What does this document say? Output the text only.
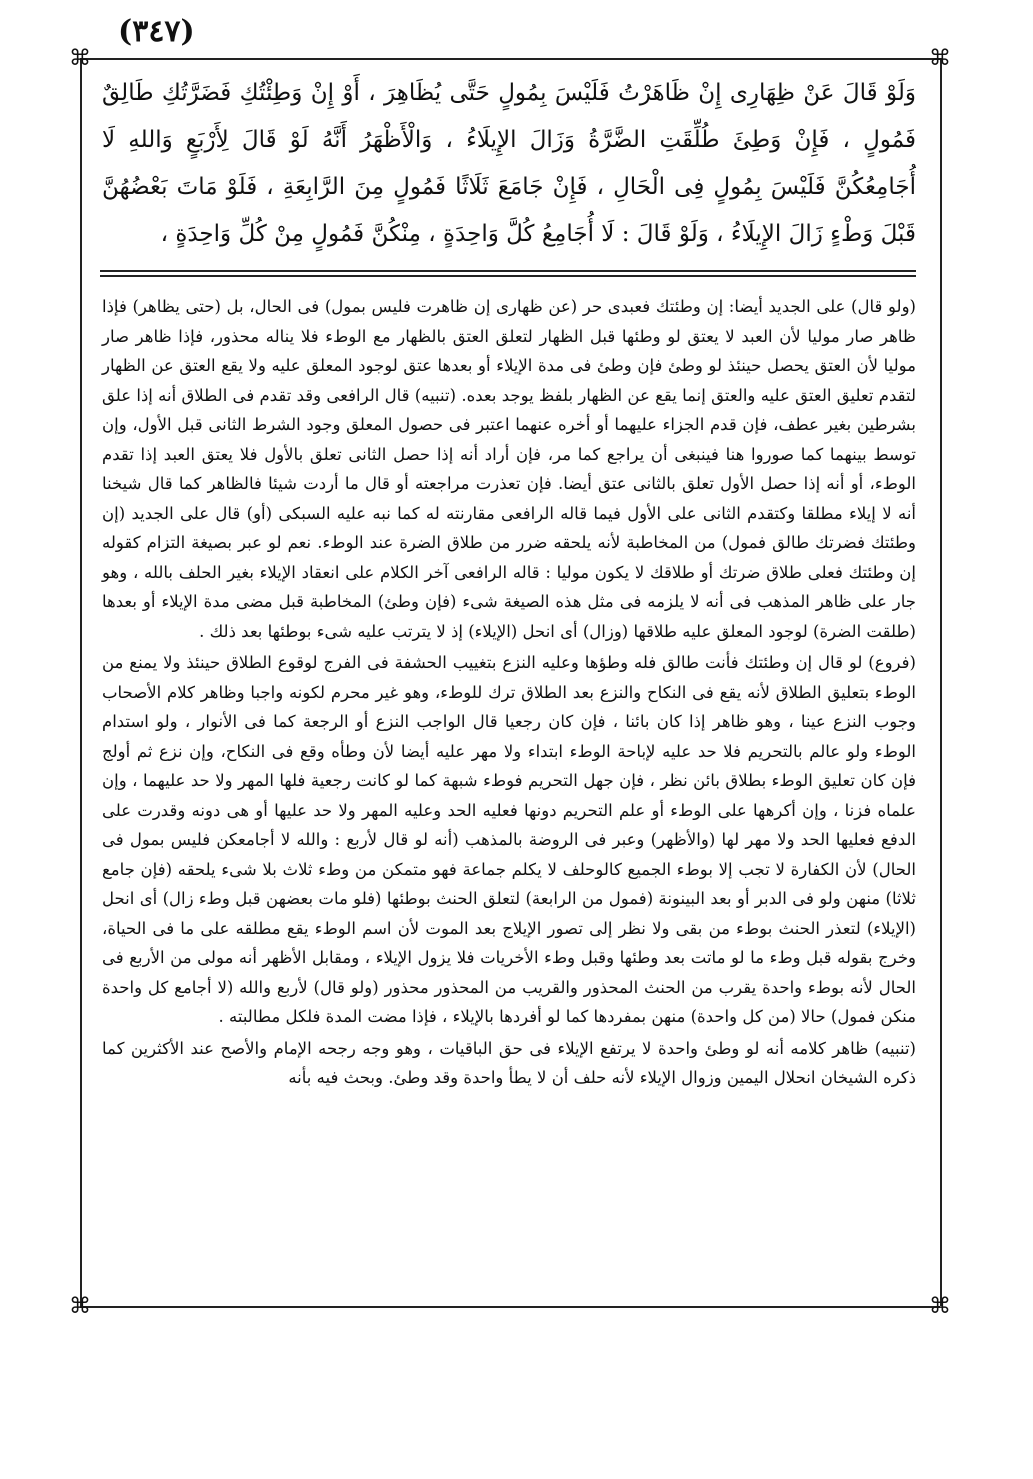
(٣٤٧)
⌘	⌘
⌘	⌘

وَلَوْ قَالَ عَنْ ظِهَارِى إِنْ ظَاهَرْتُ فَلَيْسَ بِمُولٍ حَتَّى يُظَاهِرَ ، أَوْ إِنْ وَطِئْتُكِ فَضَرَّتُكِ طَالِقٌ فَمُولٍ ، فَإِنْ وَطِئَ طُلِّقَتِ الضَّرَّةُ وَزَالَ الإِيلَاءُ ، وَالْأَظْهَرُ أَنَّهُ لَوْ قَالَ لِأَرْبَعٍ وَاللهِ لَا أُجَامِعُكُنَّ فَلَيْسَ بِمُولٍ فِى الْحَالِ ، فَإِنْ جَامَعَ ثَلَاثًا فَمُولٍ مِنَ الرَّابِعَةِ ، فَلَوْ مَاتَ بَعْضُهُنَّ قَبْلَ وَطْءٍ زَالَ الإِيلَاءُ ، وَلَوْ قَالَ : لَا أُجَامِعُ كُلَّ وَاحِدَةٍ ، مِنْكُنَّ فَمُولٍ مِنْ كُلِّ وَاحِدَةٍ ،

(ولو قال) على الجديد أيضا: إن وطئتك فعبدى حر (عن ظهارى إن ظاهرت فليس بمول) فى الحال، بل (حتى يظاهر) فإذا ظاهر صار موليا لأن العبد لا يعتق لو وطئها قبل الظهار لتعلق العتق بالظهار مع الوطء فلا يناله محذور، فإذا ظاهر صار موليا لأن العتق يحصل حينئذ لو وطئ فإن وطئ فى مدة الإيلاء أو بعدها عتق لوجود المعلق عليه ولا يقع العتق عن الظهار لتقدم تعليق العتق عليه والعتق إنما يقع عن الظهار بلفظ يوجد بعده. (تنبيه) قال الرافعى وقد تقدم فى الطلاق أنه إذا علق بشرطين بغير عطف، فإن قدم الجزاء عليهما أو أخره عنهما اعتبر فى حصول المعلق وجود الشرط الثانى قبل الأول، وإن توسط بينهما كما صوروا هنا فينبغى أن يراجع كما مر، فإن أراد أنه إذا حصل الثانى تعلق بالأول فلا يعتق العبد إذا تقدم الوطء، أو أنه إذا حصل الأول تعلق بالثانى عتق أيضا. فإن تعذرت مراجعته أو قال ما أردت شيئا فالظاهر كما قال شيخنا أنه لا إيلاء مطلقا وكتقدم الثانى على الأول فيما قاله الرافعى مقارنته له كما نبه عليه السبكى (أو) قال على الجديد (إن وطئتك فضرتك طالق فمول) من المخاطبة لأنه يلحقه ضرر من طلاق الضرة عند الوطء. نعم لو عبر بصيغة التزام كقوله إن وطئتك فعلى طلاق ضرتك أو طلاقك لا يكون موليا : قاله الرافعى آخر الكلام على انعقاد الإيلاء بغير الحلف بالله ، وهو جار على ظاهر المذهب فى أنه لا يلزمه فى مثل هذه الصيغة شىء (فإن وطئ) المخاطبة قبل مضى مدة الإيلاء أو بعدها (طلقت الضرة) لوجود المعلق عليه طلاقها (وزال) أى انحل (الإيلاء) إذ لا يترتب عليه شىء بوطئها بعد ذلك .

(فروع) لو قال إن وطئتك فأنت طالق فله وطؤها وعليه النزع بتغييب الحشفة فى الفرج لوقوع الطلاق حينئذ ولا يمنع من الوطء بتعليق الطلاق لأنه يقع فى النكاح والنزع بعد الطلاق ترك للوطء، وهو غير محرم لكونه واجبا وظاهر كلام الأصحاب وجوب النزع عينا ، وهو ظاهر إذا كان بائنا ، فإن كان رجعيا قال الواجب النزع أو الرجعة كما فى الأنوار ، ولو استدام الوطء ولو عالم بالتحريم فلا حد عليه لإباحة الوطء ابتداء ولا مهر عليه أيضا لأن وطأه وقع فى النكاح، وإن نزع ثم أولج فإن كان تعليق الوطء بطلاق بائن نظر ، فإن جهل التحريم فوطء شبهة كما لو كانت رجعية فلها المهر ولا حد عليهما ، وإن علماه فزنا ، وإن أكرهها على الوطء أو علم التحريم دونها فعليه الحد وعليه المهر ولا حد عليها أو هى دونه وقدرت على الدفع فعليها الحد ولا مهر لها (والأظهر) وعبر فى الروضة بالمذهب (أنه لو قال لأربع : والله لا أجامعكن فليس بمول فى الحال) لأن الكفارة لا تجب إلا بوطء الجميع كالوحلف لا يكلم جماعة فهو متمكن من وطء ثلاث بلا شىء يلحقه (فإن جامع ثلاثا) منهن ولو فى الدبر أو بعد البينونة (فمول من الرابعة) لتعلق الحنث بوطئها (فلو مات بعضهن قبل وطء زال) أى انحل (الإيلاء) لتعذر الحنث بوطء من بقى ولا نظر إلى تصور الإيلاج بعد الموت لأن اسم الوطء يقع مطلقه على ما فى الحياة، وخرج بقوله قبل وطء ما لو ماتت بعد وطئها وقبل وطء الأخريات فلا يزول الإيلاء ، ومقابل الأظهر أنه مولى من الأربع فى الحال لأنه بوطء واحدة يقرب من الحنث المحذور والقريب من المحذور محذور (ولو قال) لأربع والله (لا أجامع كل واحدة منكن فمول) حالا (من كل واحدة) منهن بمفردها كما لو أفردها بالإيلاء ، فإذا مضت المدة فلكل مطالبته .

(تنبيه) ظاهر كلامه أنه لو وطئ واحدة لا يرتفع الإيلاء فى حق الباقيات ، وهو وجه رجحه الإمام والأصح عند الأكثرين كما ذكره الشيخان انحلال اليمين وزوال الإيلاء لأنه حلف أن لا يطأ واحدة وقد وطئ. وبحث فيه بأنه
